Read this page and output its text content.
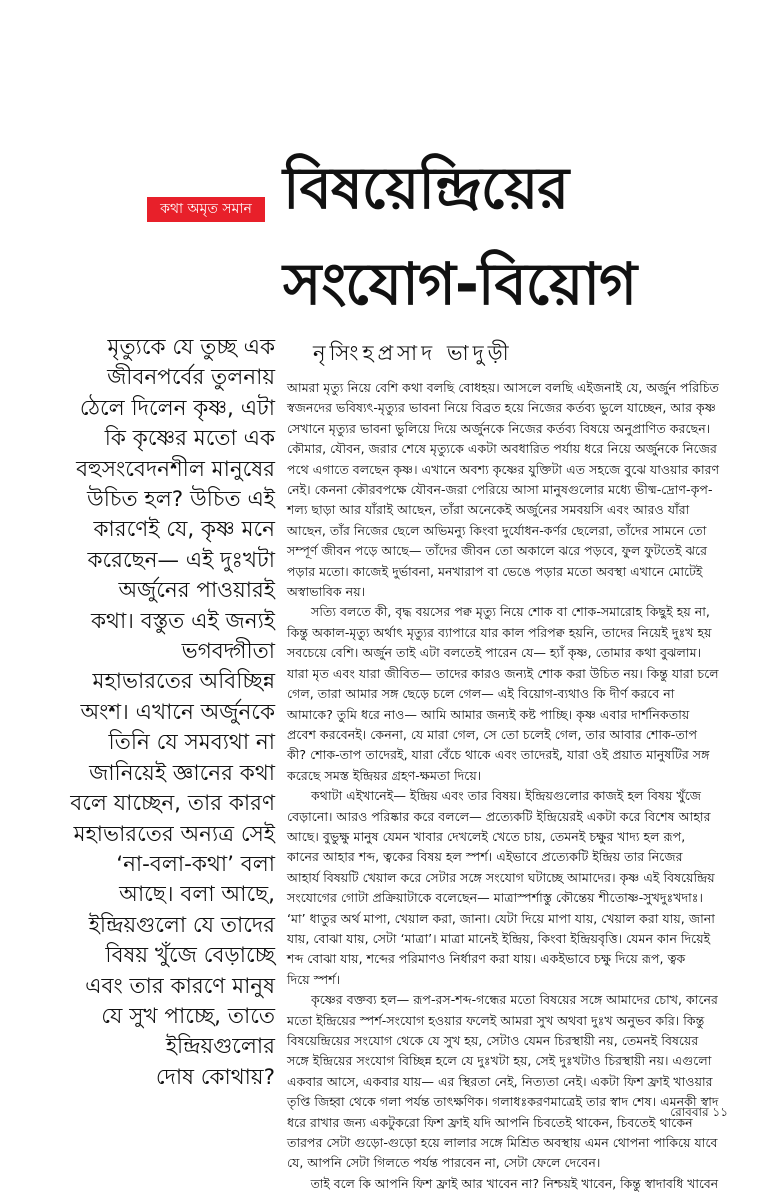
কথা অমৃত সমান বিষয়েন্দ্রিয়ের
সংযোগ-বিয়োগ
নৃসিংহপ্রসাদ ভাদুড়ী
মৃত্যুকে যে তুচ্ছ এক
জীবনপর্বের তুলনায়
ঠেলে দিলেন কৃষ্ণ, এটা
কি কৃষ্ণের মতো এক
বহুসংবেদনশীল মানুষের
উচিত হল? উচিত এই
কারণেই যে, কৃষ্ণ মনে
করেছেন— এই দুঃখটা
অর্জুনের পাওয়ারই
কথা। বস্তুত এই জন্যই
ভগবদ্গীতা
মহাভারতের অবিচ্ছিন্ন
অংশ। এখানে অর্জুনকে
তিনি যে সমব্যথা না
জানিয়েই জ্ঞানের কথা
বলে যাচ্ছেন, তার কারণ
মহাভারতের অন্যত্র সেই
‘না-বলা-কথা’ বলা
আছে। বলা আছে,
ইন্দ্রিয়গুলো যে তাদের
বিষয় খুঁজে বেড়াচ্ছে
এবং তার কারণে মানুষ
যে সুখ পাচ্ছে, তাতে
ইন্দ্রিয়গুলোর
দোষ কোথায়?
আমরা মৃত্যু নিয়ে বেশি কথা বলছি বোধহয়। আসলে বলছি এইজনাই যে, অর্জুন পরিচিত
স্বজনদের ভবিষ্যৎ-মৃত্যুর ভাবনা নিয়ে বিব্রত হয়ে নিজের কর্তব্য ভুলে যাচ্ছেন, আর কৃষ্ণ
সেখানে মৃত্যুর ভাবনা ভুলিয়ে দিয়ে অর্জুনকে নিজের কর্তব্য বিষয়ে অনুপ্রাণিত করছেন।
কৌমার, যৌবন, জরার শেষে মৃত্যুকে একটা অবধারিত পর্যায় ধরে নিয়ে অর্জুনকে নিজের
পথে এগাতে বলছেন কৃষ্ণ। এখানে অবশ্য কৃষ্ণের যুক্তিটা এত সহজে বুঝে যাওয়ার কারণ
নেই। কেননা কৌরবপক্ষে যৌবন-জরা পেরিয়ে আসা মানুষগুলোর মধ্যে ভীষ্ম-দ্রোণ-কৃপ-
শল্য ছাড়া আর যাঁরাই আছেন, তাঁরা অনেকেই অর্জুনের সমবয়সি এবং আরও যাঁরা
আছেন, তাঁর নিজের ছেলে অভিমন্যু কিংবা দুর্যোধন-কর্ণর ছেলেরা, তাঁদের সামনে তো
সম্পূর্ণ জীবন পড়ে আছে— তাঁদের জীবন তো অকালে ঝরে পড়বে, ফুল ফুটতেই ঝরে
পড়ার মতো। কাজেই দুর্ভাবনা, মনখারাপ বা ভেঙে পড়ার মতো অবস্থা এখানে মোটেই
অস্বাভাবিক নয়।
সত্যি বলতে কী, বৃদ্ধ বয়সের পক্ব মৃত্যু নিয়ে শোক বা শোক-সমারোহ কিছুই হয় না,
কিন্তু অকাল-মৃত্যু অর্থাৎ মৃত্যুর ব্যাপারে যার কাল পরিপক্ব হয়নি, তাদের নিয়েই দুঃখ হয়
সবচেয়ে বেশি। অর্জুন তাই এটা বলতেই পারেন যে— হ্যাঁ কৃষ্ণ, তোমার কথা বুঝলাম।
যারা মৃত এবং যারা জীবিত— তাদের কারও জন্যই শোক করা উচিত নয়। কিন্তু যারা চলে
গেল, তারা আমার সঙ্গ ছেড়ে চলে গেল— এই বিয়োগ-ব্যথাও কি দীর্ণ করবে না
আমাকে? তুমি ধরে নাও— আমি আমার জন্যই কষ্ট পাচ্ছি। কৃষ্ণ এবার দার্শনিকতায়
প্রবেশ করবেনই। কেননা, যে মারা গেল, সে তো চলেই গেল, তার আবার শোক-তাপ
কী? শোক-তাপ তাদেরই, যারা বেঁচে থাকে এবং তাদেরই, যারা ওই প্রয়াত মানুষটির সঙ্গ
করেছে সমস্ত ইন্দ্রিয়র গ্রহণ-ক্ষমতা দিয়ে।
কথাটা এইখানেই— ইন্দ্রিয় এবং তার বিষয়। ইন্দ্রিয়গুলোর কাজই হল বিষয় খুঁজে
বেড়ানো। আরও পরিষ্কার করে বললে— প্রত্যেকটি ইন্দ্রিয়েরই একটা করে বিশেষ আহার
আছে। বুভুক্ষু মানুষ যেমন খাবার দেখলেই খেতে চায়, তেমনই চক্ষুর খাদ্য হল রূপ,
কানের আহার শব্দ, ত্বকের বিষয় হল স্পর্শ। এইভাবে প্রত্যেকটি ইন্দ্রিয় তার নিজের
আহার্য বিষয়টি খেয়াল করে সেটার সঙ্গে সংযোগ ঘটাচ্ছে আমাদের। কৃষ্ণ এই বিষয়েন্দ্রিয়
সংযোগের গোটা প্রক্রিয়াটাকে বলেছেন— মাত্রাস্পর্শাস্তু কৌন্তেয় শীতোষ্ণ-সুখদুঃখদাঃ।
‘মা’ ধাতুর অর্থ মাপা, খেয়াল করা, জানা। যেটা দিয়ে মাপা যায়, খেয়াল করা যায়, জানা
যায়, বোঝা যায়, সেটা ‘মাত্রা’। মাত্রা মানেই ইন্দ্রিয়, কিংবা ইন্দ্রিয়বৃত্তি। যেমন কান দিয়েই
শব্দ বোঝা যায়, শব্দের পরিমাণও নির্ধারণ করা যায়। একইভাবে চক্ষু দিয়ে রূপ, ত্বক
দিয়ে স্পর্শ।
কৃষ্ণের বক্তব্য হল— রূপ-রস-শব্দ-গন্ধের মতো বিষয়ের সঙ্গে আমাদের চোখ, কানের
মতো ইন্দ্রিয়ের স্পর্শ-সংযোগ হওয়ার ফলেই আমরা সুখ অথবা দুঃখ অনুভব করি। কিন্তু
বিষয়েন্দ্রিয়ের সংযোগ থেকে যে সুখ হয়, সেটাও যেমন চিরস্থায়ী নয়, তেমনই বিষয়ের
সঙ্গে ইন্দ্রিয়ের সংযোগ বিচ্ছিন্ন হলে যে দুঃখটা হয়, সেই দুঃখটাও চিরস্থায়ী নয়। এগুলো
একবার আসে, একবার যায়— এর স্থিরতা নেই, নিত্যতা নেই। একটা ফিশ ফ্রাই খাওয়ার
তৃপ্তি জিহ্বা থেকে গলা পর্যন্ত তাৎক্ষণিক। গলাধঃকরণমাত্রেই তার স্বাদ শেষ। এমনকী স্বাদ
ধরে রাখার জন্য একটুকরো ফিশ ফ্রাই যদি আপনি চিবতেই থাকেন, চিবতেই থাকেন
তারপর সেটা গুড়ো-গুড়ো হয়ে লালার সঙ্গে মিশ্রিত অবস্থায় এমন থোপনা পাকিয়ে যাবে
যে, আপনি সেটা গিলতে পর্যন্ত পারবেন না, সেটা ফেলে দেবেন।
তাই বলে কি আপনি ফিশ ফ্রাই আর খাবেন না? নিশ্চয়ই খাবেন, কিন্তু স্বাদাবধি খাবেন
রোববার ১১
